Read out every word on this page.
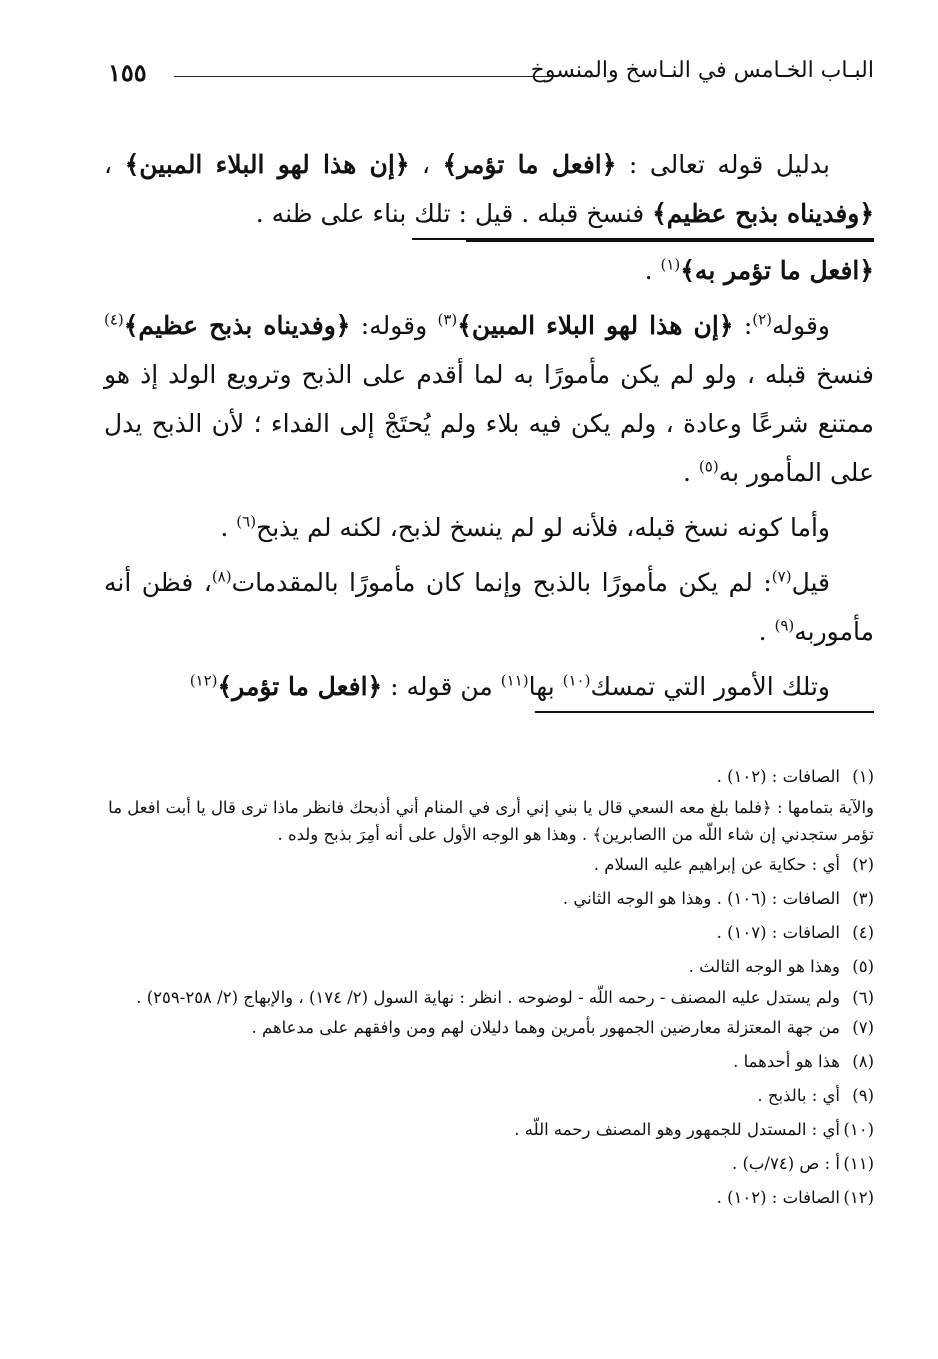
البـاب الخـامس في النـاسخ والمنسوخ
١٥٥

بدليل قوله تعالى : ﴿افعل ما تؤمر﴾ ، ﴿إن هذا لهو البلاء المبين﴾ ، ﴿وفديناه بذبح عظيم﴾ فنسخ قبله . قيل : تلك بناء على ظنه .

﴿افعل ما تؤمر به﴾$^{(١)}$ .

وقوله$^{(٢)}$: ﴿إن هذا لهو البلاء المبين﴾$^{(٣)}$ وقوله: ﴿وفديناه بذبح عظيم﴾$^{(٤)}$ فنسخ قبله ، ولو لم يكن مأمورًا به لما أقدم على الذبح وترويع الولد إذ هو ممتنع شرعًا وعادة ، ولم يكن فيه بلاء ولم يُحتَجْ إلى الفداء ؛ لأن الذبح يدل على المأمور به$^{(٥)}$ .

وأما كونه نسخ قبله، فلأنه لو لم ينسخ لذبح، لكنه لم يذبح$^{(٦)}$ .

قيل$^{(٧)}$: لم يكن مأمورًا بالذبح وإنما كان مأمورًا بالمقدمات$^{(٨)}$، فظن أنه مأموربه$^{(٩)}$ .

وتلك الأمور التي تمسك$^{(١٠)}$ بها$^{(١١)}$ من قوله : ﴿افعل ما تؤمر﴾$^{(١٢)}$

(١)الصافات : (١٠٢) .

والآية بتمامها : ﴿فلما بلغ معه السعي قال يا بني إني أرى في المنام أني أذبحك فانظر ماذا ترى قال يا أبت افعل ما تؤمر ستجدني إن شاء اللّه من االصابرين﴾ . وهذا هو الوجه الأول على أنه أمِرَ بذبح ولده .

(٢)أي : حكاية عن إبراهيم عليه السلام .

(٣)الصافات : (١٠٦) . وهذا هو الوجه الثاني .

(٤)الصافات : (١٠٧) .

(٥)وهذا هو الوجه الثالث .

(٦)ولم يستدل عليه المصنف - رحمه اللّه - لوضوحه . انظر : نهاية السول (٢/ ١٧٤) ، والإبهاج (٢/ ٢٥٨-٢٥٩) .

(٧)من جهة المعتزلة معارضين الجمهور بأمرين وهما دليلان لهم ومن وافقهم على مدعاهم .

(٨)هذا هو أحدهما .

(٩)أي : بالذبح .

(١٠)أي : المستدل للجمهور وهو المصنف رحمه اللّه .

(١١)أ : ص (٧٤/ب) .

(١٢)الصافات : (١٠٢) .
